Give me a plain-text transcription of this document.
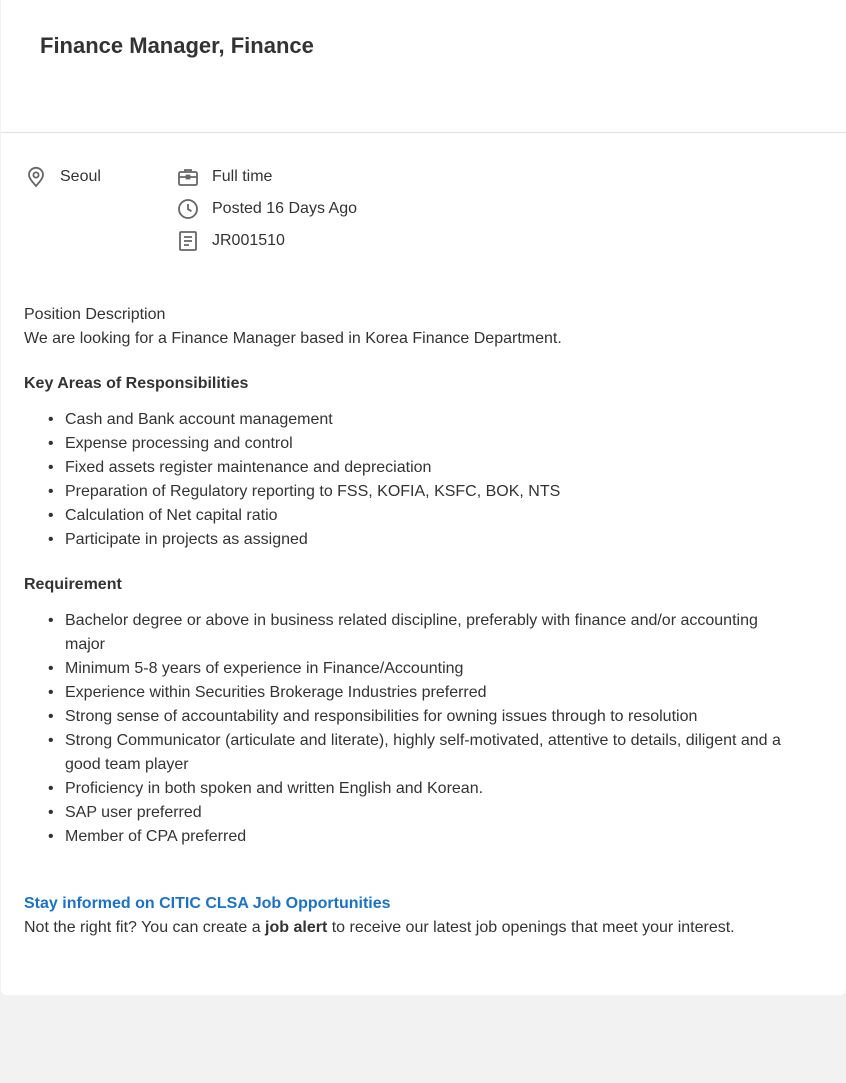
Finance Manager, Finance
Seoul	Full time
Posted 16 Days Ago
JR001510
Position Description
We are looking for a Finance Manager based in Korea Finance Department.
Key Areas of Responsibilities
• Cash and Bank account management
• Expense processing and control
• Fixed assets register maintenance and depreciation
• Preparation of Regulatory reporting to FSS, KOFIA, KSFC, BOK, NTS
• Calculation of Net capital ratio
• Participate in projects as assigned
Requirement
• Bachelor degree or above in business related discipline, preferably with finance and/or accounting major
• Minimum 5-8 years of experience in Finance/Accounting
• Experience within Securities Brokerage Industries preferred
• Strong sense of accountability and responsibilities for owning issues through to resolution
• Strong Communicator (articulate and literate), highly self-motivated, attentive to details, diligent and a good team player
• Proficiency in both spoken and written English and Korean.
• SAP user preferred
• Member of CPA preferred
Stay informed on CITIC CLSA Job Opportunities
Not the right fit? You can create a job alert to receive our latest job openings that meet your interest.
